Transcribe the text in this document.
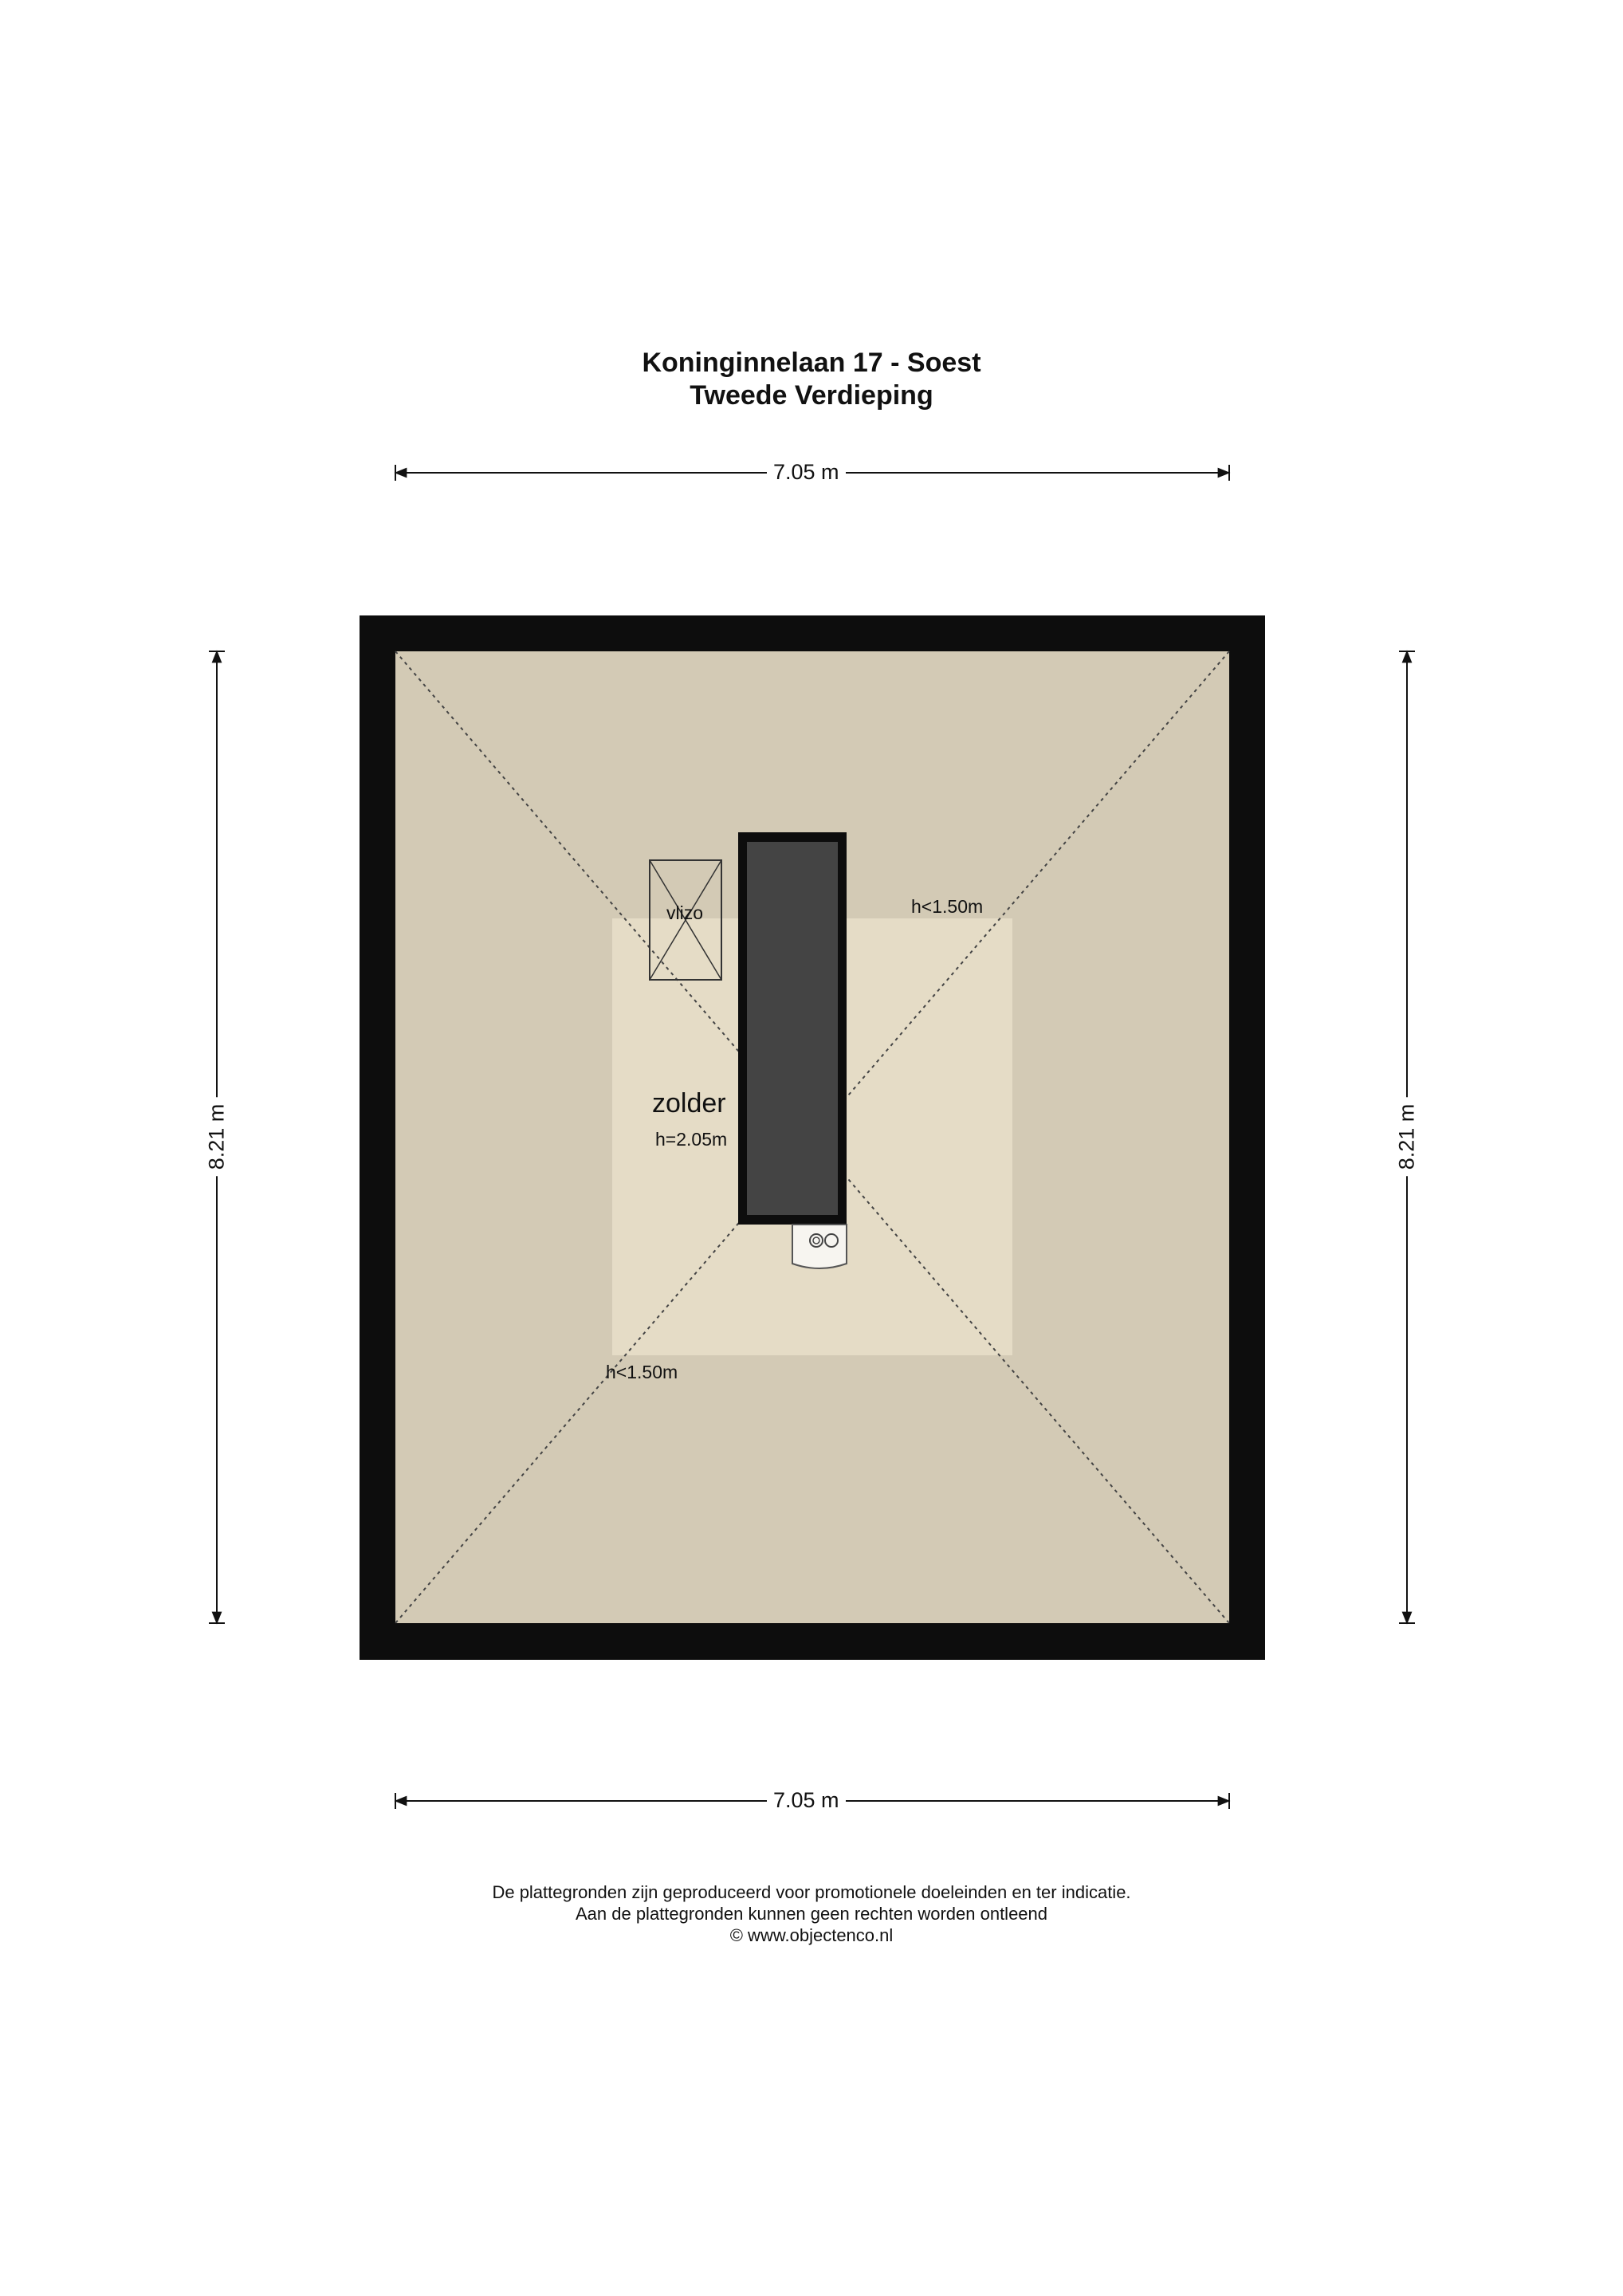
Koninginnelaan 17 - Soest
Tweede Verdieping
7.05 m
7.05 m
8.21 m	8.21 m
vlizo	h<1.50m
zolder
h=2.05m
h<1.50m
De plattegronden zijn geproduceerd voor promotionele doeleinden en ter indicatie.
Aan de plattegronden kunnen geen rechten worden ontleend
© www.objectenco.nl
